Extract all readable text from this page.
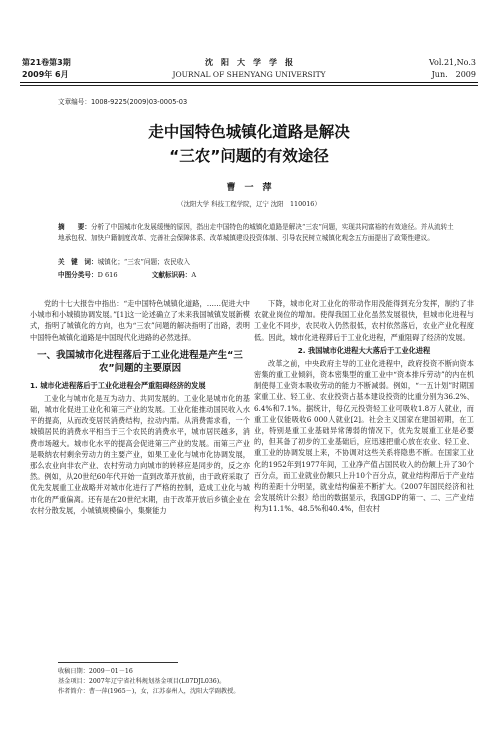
第21卷第3期
2009年 6月
沈　阳　大　学　学　报
JOURNAL OF SHENYANG UNIVERSITY
Vol.21,No.3
Jun.　2009
文章编号：1008-9225(2009)03-0005-03
走中国特色城镇化道路是解决
“三农”问题的有效途径
曹　一　萍
（沈阳大学 科技工程学院，辽宁 沈阳　110016）
摘　　要：分析了中国城市化发展缓慢的原因，指出走中国特色的城镇化道路是解决“三农”问题，实现共同富裕的有效途径。并从流转土地承包权、加快户籍制度改革、完善社会保障体系、改革城镇建设投资体制、引导农民树立城镇化观念五方面提出了政策性建议。
关　键　词：城镇化；“三农”问题；农民收入
中图分类号：D 616	文献标识码：A

党的十七大报告中指出：“走中国特色城镇化道路，……促进大中小城市和小城镇协调发展。”[1]这一论述确立了未来我国城镇发展新模式，指明了城镇化的方向，也为“三农”问题的解决指明了出路，表明中国特色城镇化道路是中国现代化进路的必然选择。

一、我国城市化进程落后于工业化进程是产生“三农”问题的主要原因
1. 城市化进程落后于工业化进程会严重阻碍经济的发展

工业化与城市化是互为动力、共同发展的。工业化是城市化的基础，城市化促进工业化和第三产业的发展。工业化能推动国民收入水平的提高，从而改变居民消费结构，拉动内需。从消费需求看，一个城镇居民的消费水平相当于三个农民的消费水平，城市居民越多，消费市场越大。城市化水平的提高会促进第三产业的发展。而第三产业是吸纳农村剩余劳动力的主要产业，如果工业化与城市化协调发展，那么农业向非农产业、农村劳动力向城市的转移应是同步的，反之亦然。例如，从20世纪60年代开始一直到改革开放前，由于政府采取了优先发展重工业战略并对城市化进行了严格的控制，造成工业化与城市化的严重偏离。还有是在20世纪末期，由于改革开放后乡镇企业在农村分散发展，小城镇规模偏小，集聚能力

下降，城市化对工业化的带动作用没能得到充分发挥，制约了非农就业岗位的增加。使得我国工业化虽然发展很快，但城市化进程与工业化不同步，农民收入仍然很低，农村依然落后，农业产业化程度低。因此，城市化进程滞后于工业化进程，严重阻碍了经济的发展。

2. 我国城市化进程大大落后于工业化进程

改革之前，中央政府主导的工业化进程中，政府投资不断向资本密集的重工业倾斜，资本密集型的重工业中“资本排斥劳动”的内在机制使得工业资本吸收劳动的能力不断减弱。例如，“一五计划”时期国家重工业、轻工业、农业投资占基本建设投资的比重分别为36.2%、6.4%和7.1%。据统计，每亿元投资轻工业可吸收1.8万人就业，而重工业仅能吸收6 000人就业[2]。社会主义国家在建国初期，在工业，特别是重工业基础异常薄弱的情况下，优先发展重工业是必要的，但其备了初步的工业基础后，应迅速把重心放在农业、轻工业、重工业的协调发展上来，不协调对这些关系将隐患不断。在国家工业化的1952年到1977年间，工业净产值占国民收入的份额上升了30个百分点，而工业就业份额只上升10个百分点，就业结构滞后于产业结构的差距十分明显，就业结构偏差不断扩大。《2007年国民经济和社会发展统计公报》给出的数据显示，我国GDP的第一、二、三产业结构为11.1%、48.5%和40.4%，但农村

收稿日期：2009－01－16
基金项目：2007年辽宁省社科规划基金项目(L07DJL036)。
作者简介：曹一萍(1965－)，女，江苏泰州人，沈阳大学副教授。
